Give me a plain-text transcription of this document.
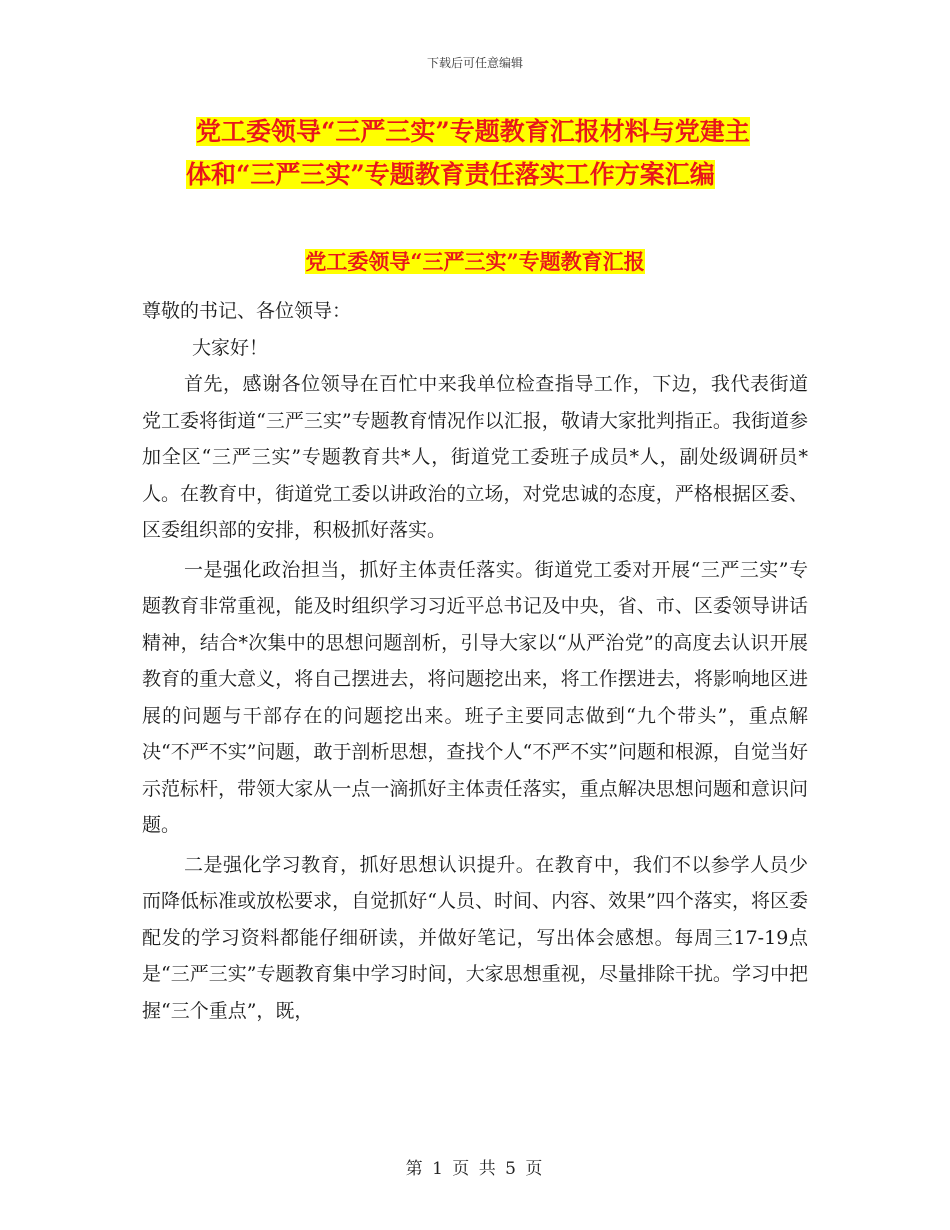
下载后可任意编辑
党工委领导“三严三实”专题教育汇报材料与党建主
体和“三严三实”专题教育责任落实工作方案汇编
党工委领导“三严三实”专题教育汇报

尊敬的书记、各位领导：

大家好！

首先，感谢各位领导在百忙中来我单位检查指导工作，下边，我代表街道党工委将街道“三严三实”专题教育情况作以汇报，敬请大家批判指正。我街道参加全区“三严三实”专题教育共*人，街道党工委班子成员*人，副处级调研员*人。在教育中，街道党工委以讲政治的立场，对党忠诚的态度，严格根据区委、区委组织部的安排，积极抓好落实。

一是强化政治担当，抓好主体责任落实。街道党工委对开展“三严三实”专题教育非常重视，能及时组织学习习近平总书记及中央，省、市、区委领导讲话精神，结合*次集中的思想问题剖析，引导大家以“从严治党”的高度去认识开展教育的重大意义，将自己摆进去，将问题挖出来，将工作摆进去，将影响地区进展的问题与干部存在的问题挖出来。班子主要同志做到“九个带头”，重点解决“不严不实”问题，敢于剖析思想，查找个人“不严不实”问题和根源，自觉当好示范标杆，带领大家从一点一滴抓好主体责任落实，重点解决思想问题和意识问题。

二是强化学习教育，抓好思想认识提升。在教育中，我们不以参学人员少而降低标准或放松要求，自觉抓好“人员、时间、内容、效果”四个落实，将区委配发的学习资料都能仔细研读，并做好笔记，写出体会感想。每周三17-19点是“三严三实”专题教育集中学习时间，大家思想重视，尽量排除干扰。学习中把握“三个重点”，既，

第 1 页 共 5 页
